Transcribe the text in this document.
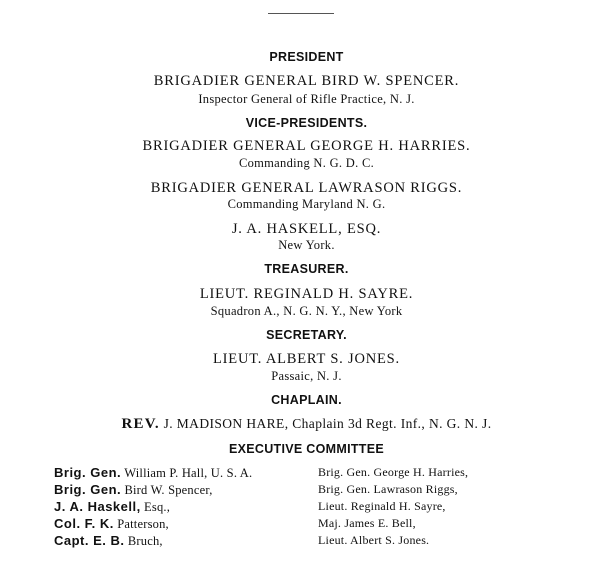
PRESIDENT
BRIGADIER GENERAL BIRD W. SPENCER.
Inspector General of Rifle Practice, N. J.
VICE-PRESIDENTS.
BRIGADIER GENERAL GEORGE H. HARRIES.
Commanding N. G. D. C.
BRIGADIER GENERAL LAWRASON RIGGS.
Commanding Maryland N. G.
J. A. HASKELL, ESQ.
New York.
TREASURER.
LIEUT. REGINALD H. SAYRE.
Squadron A., N. G. N. Y., New York
SECRETARY.
LIEUT. ALBERT S. JONES.
Passaic, N. J.
CHAPLAIN.
REV. J. MADISON HARE, Chaplain 3d Regt. Inf., N. G. N. J.
EXECUTIVE COMMITTEE
Brig. Gen. William P. Hall, U. S. A.
Brig. Gen. Bird W. Spencer,
J. A. Haskell, Esq.,
Col. F. K. Patterson,
Capt. E. B. Bruch,
Brig. Gen. George H. Harries,
Brig. Gen. Lawrason Riggs,
Lieut. Reginald H. Sayre,
Maj. James E. Bell,
Lieut. Albert S. Jones.
